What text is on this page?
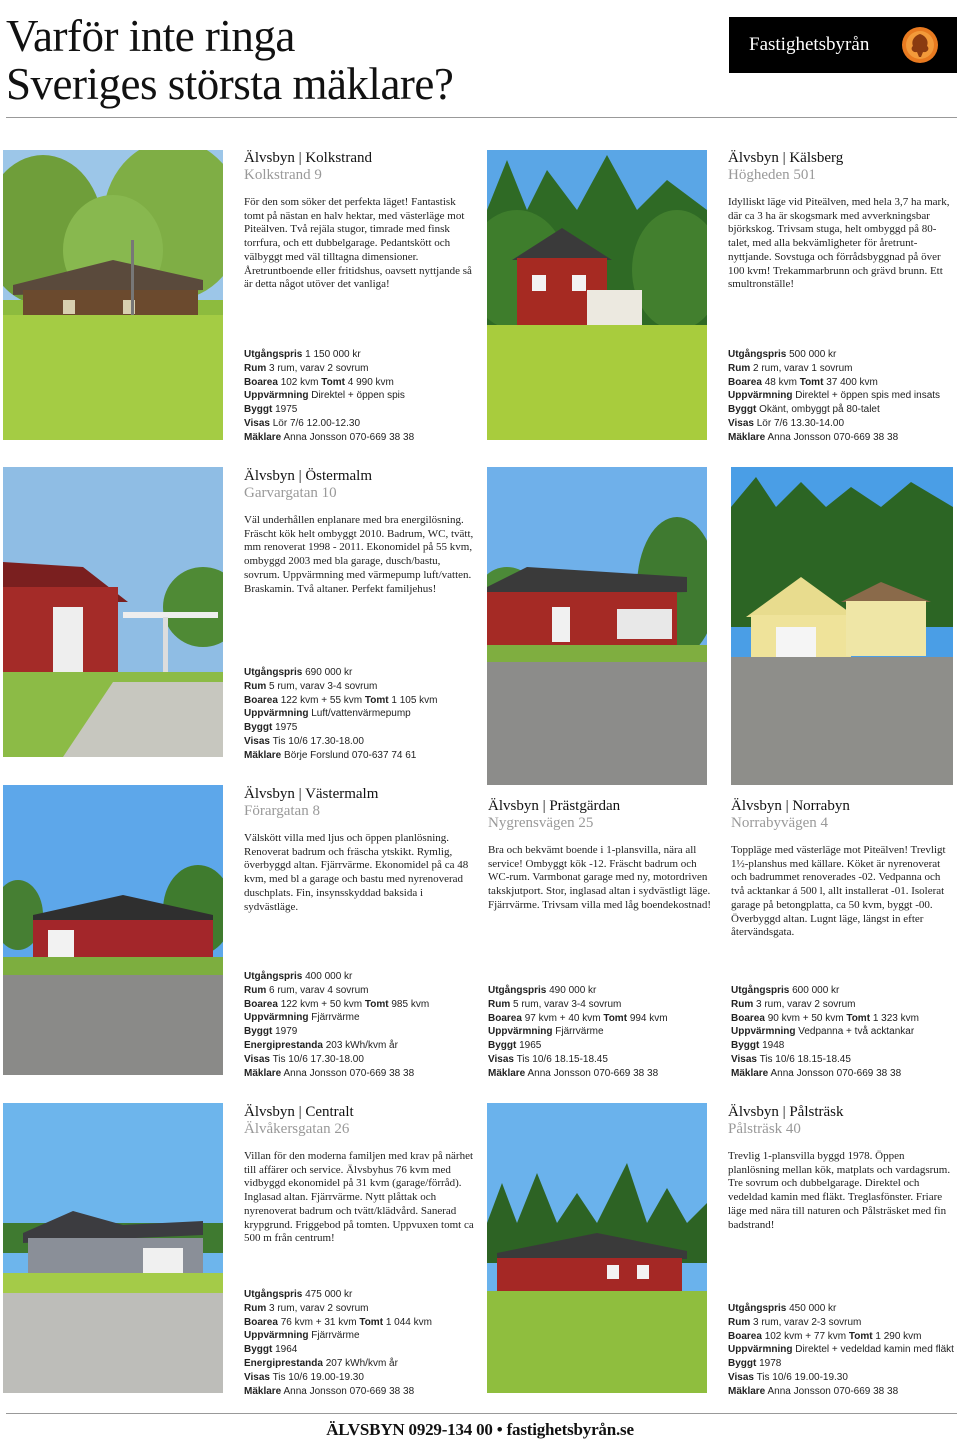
Varför inte ringa
Sveriges största mäklare?
Fastighetsbyrån
Älvsbyn | Kolkstrand
Kolkstrand 9
För den som söker det perfekta läget! Fantastisk tomt på nästan en halv hektar, med västerläge mot Piteälven. Två rejäla stugor, timrade med finsk torrfura, och ett dubbelgarage. Pedantskött och välbyggt med väl tilltagna dimensioner. Åretruntboende eller fritidshus, oavsett nyttjande så är detta något utöver det vanliga!
Utgångspris 1 150 000 kr
Rum 3 rum, varav 2 sovrum
Boarea 102 kvm Tomt 4 990 kvm
Uppvärmning Direktel + öppen spis
Byggt 1975
Visas Lör 7/6 12.00-12.30
Mäklare Anna Jonsson 070-669 38 38
Älvsbyn | Kälsberg
Högheden 501
Idylliskt läge vid Piteälven, med hela 3,7 ha mark, där ca 3 ha är skogsmark med avverkningsbar björkskog. Trivsam stuga, helt ombyggd på 80-talet, med alla bekvämligheter för åretrunt-nyttjande. Sovstuga och förrådsbyggnad på över 100 kvm! Trekammarbrunn och grävd brunn. Ett smultronställe!
Utgångspris 500 000 kr
Rum 2 rum, varav 1 sovrum
Boarea 48 kvm Tomt 37 400 kvm
Uppvärmning Direktel + öppen spis med insats
Byggt Okänt, ombyggt på 80-talet
Visas Lör 7/6 13.30-14.00
Mäklare Anna Jonsson 070-669 38 38
Älvsbyn | Östermalm
Garvargatan 10
Väl underhållen enplanare med bra energilösning. Fräscht kök helt ombyggt 2010. Badrum, WC, tvätt, mm renoverat 1998 - 2011. Ekonomidel på 55 kvm, ombyggd 2003 med bla garage, dusch/bastu, sovrum. Uppvärmning med värmepump luft/vatten. Braskamin. Två altaner. Perfekt familjehus!
Utgångspris 690 000 kr
Rum 5 rum, varav 3-4 sovrum
Boarea 122 kvm + 55 kvm Tomt 1 105 kvm
Uppvärmning Luft/vattenvärmepump
Byggt 1975
Visas Tis 10/6 17.30-18.00
Mäklare Börje Forslund 070-637 74 61
Älvsbyn | Västermalm
Förargatan 8
Välskött villa med ljus och öppen planlösning. Renoverat badrum och fräscha ytskikt. Rymlig, överbyggd altan. Fjärrvärme. Ekonomidel på ca 48 kvm, med bl a garage och bastu med nyrenoverad duschplats. Fin, insynsskyddad baksida i sydvästläge.
Utgångspris 400 000 kr
Rum 6 rum, varav 4 sovrum
Boarea 122 kvm + 50 kvm Tomt 985 kvm
Uppvärmning Fjärrvärme
Byggt 1979
Energiprestanda 203 kWh/kvm år
Visas Tis 10/6 17.30-18.00
Mäklare Anna Jonsson 070-669 38 38
Älvsbyn | Prästgärdan
Nygrensvägen 25
Bra och bekvämt boende i 1-plansvilla, nära all service! Ombyggt kök -12. Fräscht badrum och WC-rum. Varmbonat garage med ny, motordriven takskjutport. Stor, inglasad altan i sydvästligt läge. Fjärrvärme. Trivsam villa med låg boendekostnad!
Utgångspris 490 000 kr
Rum 5 rum, varav 3-4 sovrum
Boarea 97 kvm + 40 kvm Tomt 994 kvm
Uppvärmning Fjärrvärme
Byggt 1965
Visas Tis 10/6 18.15-18.45
Mäklare Anna Jonsson 070-669 38 38
Älvsbyn | Norrabyn
Norrabyvägen 4
Toppläge med västerläge mot Piteälven! Trevligt 1½-planshus med källare. Köket är nyrenoverat och badrummet renoverades -02. Vedpanna och två acktankar á 500 l, allt installerat -01. Isolerat garage på betongplatta, ca 50 kvm, byggt -00. Överbyggd altan. Lugnt läge, längst in efter återvändsgata.
Utgångspris 600 000 kr
Rum 3 rum, varav 2 sovrum
Boarea 90 kvm + 50 kvm Tomt 1 323 kvm
Uppvärmning Vedpanna + två acktankar
Byggt 1948
Visas Tis 10/6 18.15-18.45
Mäklare Anna Jonsson 070-669 38 38
Älvsbyn | Centralt
Älvåkersgatan 26
Villan för den moderna familjen med krav på närhet till affärer och service. Älvsbyhus 76 kvm med vidbyggd ekonomidel på 31 kvm (garage/förråd). Inglasad altan. Fjärrvärme. Nytt plåttak och nyrenoverat badrum och tvätt/klädvård. Sanerad krypgrund. Friggebod på tomten. Uppvuxen tomt ca 500 m från centrum!
Utgångspris 475 000 kr
Rum 3 rum, varav 2 sovrum
Boarea 76 kvm + 31 kvm Tomt 1 044 kvm
Uppvärmning Fjärrvärme
Byggt 1964
Energiprestanda 207 kWh/kvm år
Visas Tis 10/6 19.00-19.30
Mäklare Anna Jonsson 070-669 38 38
Älvsbyn | Pålsträsk
Pålsträsk 40
Trevlig 1-plansvilla byggd 1978. Öppen planlösning mellan kök, matplats och vardagsrum. Tre sovrum och dubbelgarage. Direktel och vedeldad kamin med fläkt. Treglasfönster. Friare läge med nära till naturen och Pålsträsket med fin badstrand!
Utgångspris 450 000 kr
Rum 3 rum, varav 2-3 sovrum
Boarea 102 kvm + 77 kvm Tomt 1 290 kvm
Uppvärmning Direktel + vedeldad kamin med fläkt
Byggt 1978
Visas Tis 10/6 19.00-19.30
Mäklare Anna Jonsson 070-669 38 38
ÄLVSBYN 0929-134 00 • fastighetsbyrån.se
